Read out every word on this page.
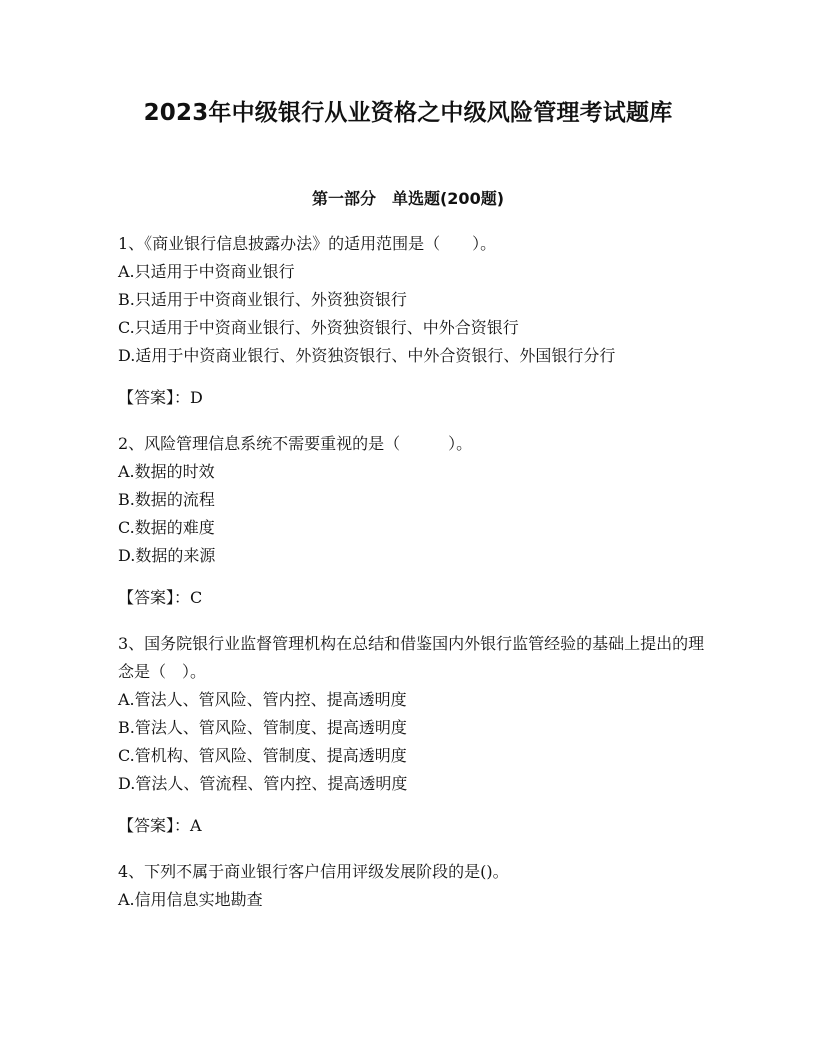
2023年中级银行从业资格之中级风险管理考试题库
第一部分　单选题(200题)
1、《商业银行信息披露办法》的适用范围是（　　）。
A.只适用于中资商业银行
B.只适用于中资商业银行、外资独资银行
C.只适用于中资商业银行、外资独资银行、中外合资银行
D.适用于中资商业银行、外资独资银行、中外合资银行、外国银行分行
【答案】：D
2、风险管理信息系统不需要重视的是（　　　）。
A.数据的时效
B.数据的流程
C.数据的难度
D.数据的来源
【答案】：C
3、国务院银行业监督管理机构在总结和借鉴国内外银行监管经验的基础上提出的理念是（　）。
A.管法人、管风险、管内控、提高透明度
B.管法人、管风险、管制度、提高透明度
C.管机构、管风险、管制度、提高透明度
D.管法人、管流程、管内控、提高透明度
【答案】：A
4、下列不属于商业银行客户信用评级发展阶段的是()。
A.信用信息实地勘查
